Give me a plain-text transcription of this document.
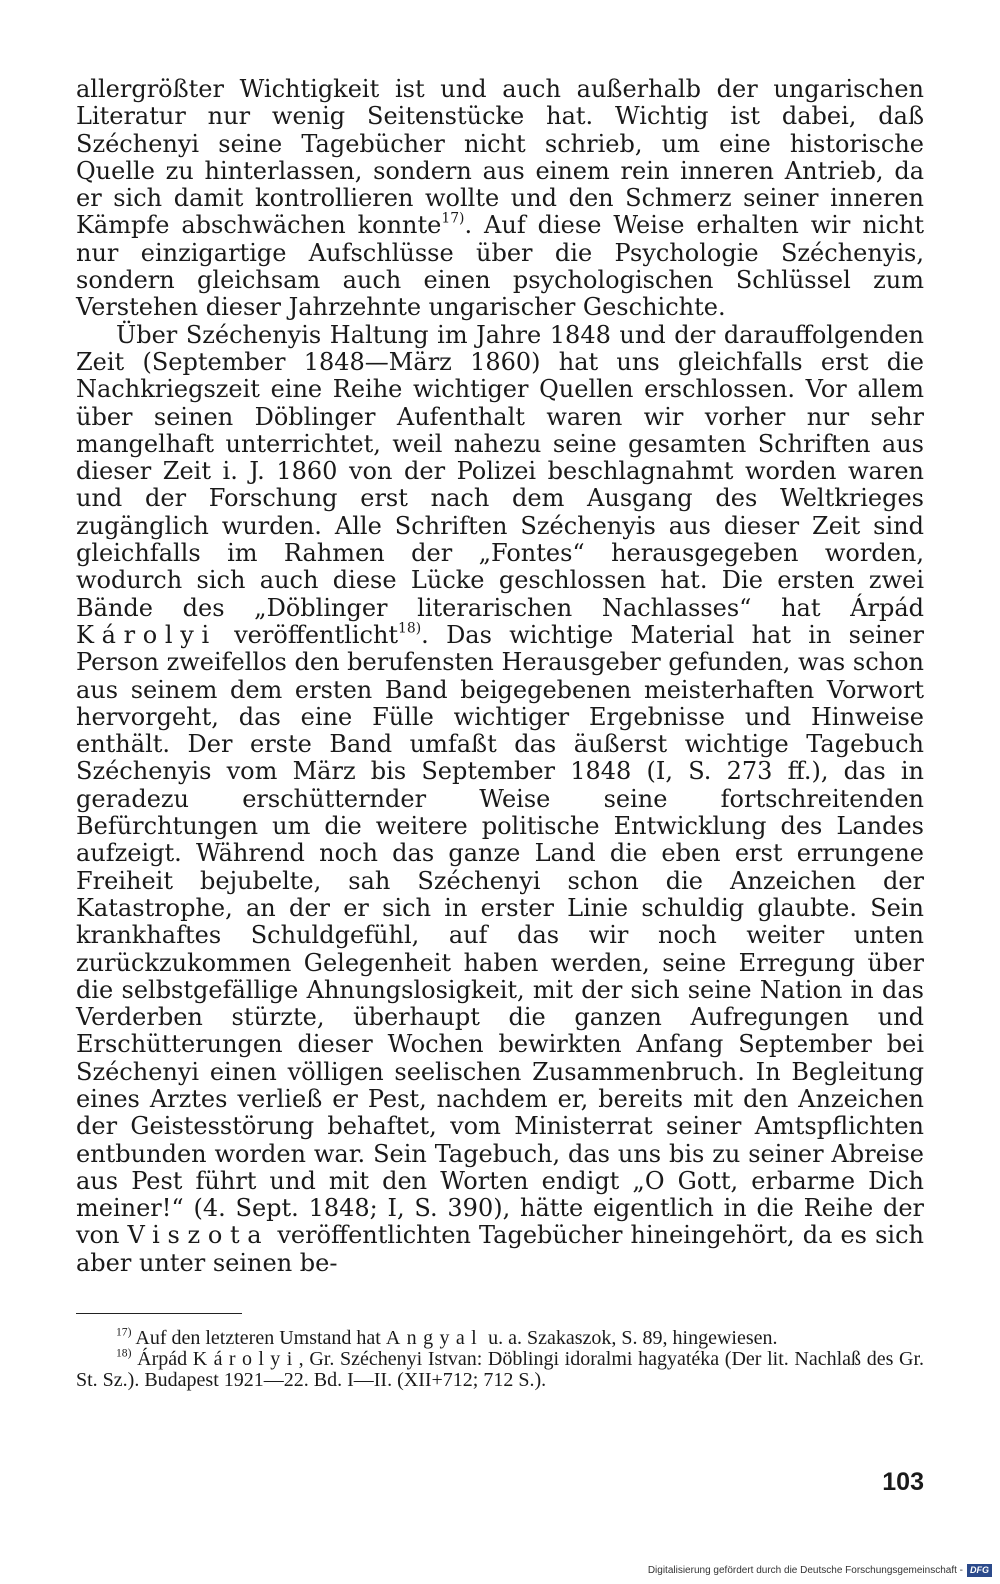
allergrößter Wichtigkeit ist und auch außerhalb der ungarischen Literatur nur wenig Seitenstücke hat. Wichtig ist dabei, daß Széchenyi seine Tagebücher nicht schrieb, um eine historische Quelle zu hinterlassen, sondern aus einem rein inneren Antrieb, da er sich damit kontrollieren wollte und den Schmerz seiner inneren Kämpfe abschwächen konnte$^{17)}$. Auf diese Weise erhalten wir nicht nur einzigartige Aufschlüsse über die Psychologie Széchenyis, sondern gleichsam auch einen psychologischen Schlüssel zum Verstehen dieser Jahrzehnte ungarischer Geschichte.

Über Széchenyis Haltung im Jahre 1848 und der darauffolgenden Zeit (September 1848—März 1860) hat uns gleichfalls erst die Nachkriegszeit eine Reihe wichtiger Quellen erschlossen. Vor allem über seinen Döblinger Aufenthalt waren wir vorher nur sehr mangelhaft unterrichtet, weil nahezu seine gesamten Schriften aus dieser Zeit i. J. 1860 von der Polizei beschlagnahmt worden waren und der Forschung erst nach dem Ausgang des Weltkrieges zugänglich wurden. Alle Schriften Széchenyis aus dieser Zeit sind gleichfalls im Rahmen der „Fontes“ herausgegeben worden, wodurch sich auch diese Lücke geschlossen hat. Die ersten zwei Bände des „Döblinger literarischen Nachlasses“ hat Árpád Károlyi veröffentlicht$^{18)}$. Das wichtige Material hat in seiner Person zweifellos den berufensten Herausgeber gefunden, was schon aus seinem dem ersten Band beigegebenen meisterhaften Vorwort hervorgeht, das eine Fülle wichtiger Ergebnisse und Hinweise enthält. Der erste Band umfaßt das äußerst wichtige Tagebuch Széchenyis vom März bis September 1848 (I, S. 273 ff.), das in geradezu erschütternder Weise seine fortschreitenden Befürchtungen um die weitere politische Entwicklung des Landes aufzeigt. Während noch das ganze Land die eben erst errungene Freiheit bejubelte, sah Széchenyi schon die Anzeichen der Katastrophe, an der er sich in erster Linie schuldig glaubte. Sein krankhaftes Schuldgefühl, auf das wir noch weiter unten zurückzukommen Gelegenheit haben werden, seine Erregung über die selbstgefällige Ahnungslosigkeit, mit der sich seine Nation in das Verderben stürzte, überhaupt die ganzen Aufregungen und Erschütterungen dieser Wochen bewirkten Anfang September bei Széchenyi einen völligen seelischen Zusammenbruch. In Begleitung eines Arztes verließ er Pest, nachdem er, bereits mit den Anzeichen der Geistesstörung behaftet, vom Ministerrat seiner Amtspflichten entbunden worden war. Sein Tagebuch, das uns bis zu seiner Abreise aus Pest führt und mit den Worten endigt „O Gott, erbarme Dich meiner!“ (4. Sept. 1848; I, S. 390), hätte eigentlich in die Reihe der von Viszota veröffentlichten Tagebücher hineingehört, da es sich aber unter seinen be-

$^{17)}$ Auf den letzteren Umstand hat Angyal u. a. Szakaszok, S. 89, hingewiesen.

$^{18)}$ Árpád Károlyi, Gr. Széchenyi Istvan: Döblingi idoralmi hagyatéka (Der lit. Nachlaß des Gr. St. Sz.). Budapest 1921—22. Bd. I—II. (XII+712; 712 S.).

103
Digitalisierung gefördert durch die Deutsche Forschungsgemeinschaft - DFG
